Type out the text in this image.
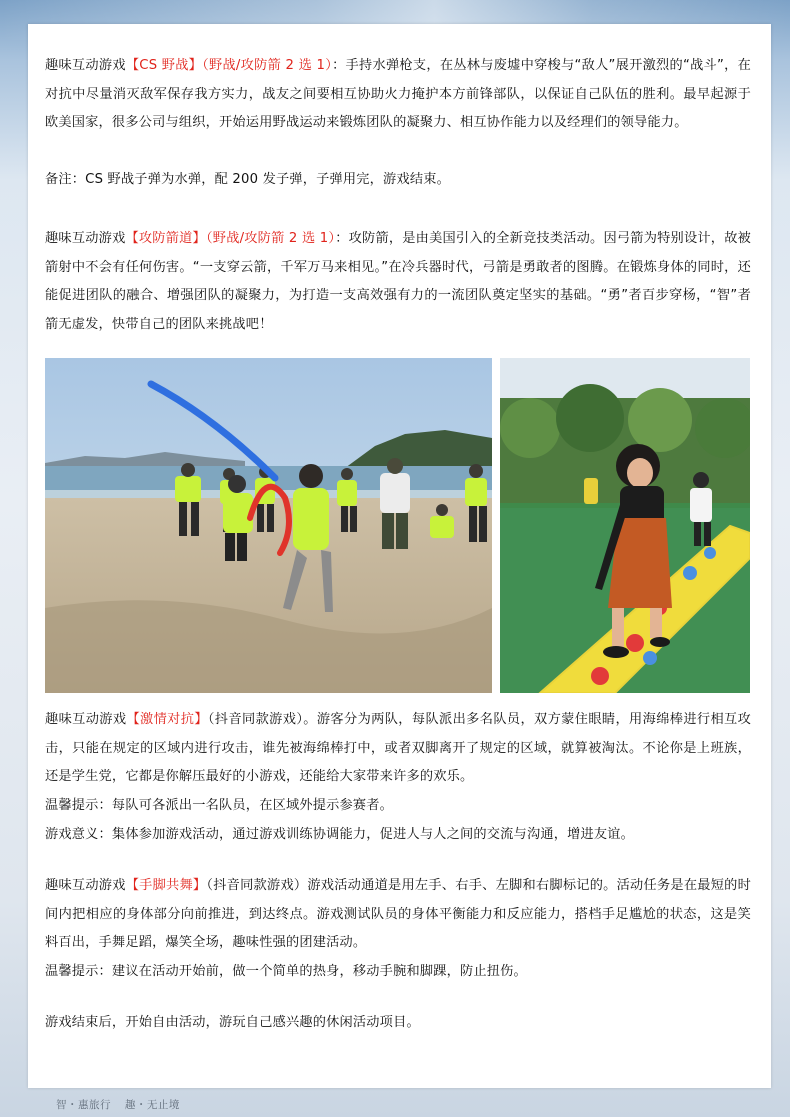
趣味互动游戏【CS 野战】（野战/攻防箭 2 选 1）：手持水弹枪支，在丛林与废墟中穿梭与“敌人”展开激烈的“战斗”，在对抗中尽量消灭敌军保存我方实力，战友之间要相互协助火力掩护本方前锋部队，以保证自己队伍的胜利。最早起源于欧美国家，很多公司与组织，开始运用野战运动来锻炼团队的凝聚力、相互协作能力以及经理们的领导能力。

备注：CS 野战子弹为水弹，配 200 发子弹，子弹用完，游戏结束。

趣味互动游戏【攻防箭道】（野战/攻防箭 2 选 1）：攻防箭，是由美国引入的全新竞技类活动。因弓箭为特别设计，故被箭射中不会有任何伤害。“一支穿云箭，千军万马来相见。”在冷兵器时代，弓箭是勇敢者的图腾。在锻炼身体的同时，还能促进团队的融合、增强团队的凝聚力，为打造一支高效强有力的一流团队奠定坚实的基础。“勇”者百步穿杨，“智”者箭无虚发，快带自己的团队来挑战吧！

趣味互动游戏【激情对抗】（抖音同款游戏）。游客分为两队，每队派出多名队员，双方蒙住眼睛，用海绵棒进行相互攻击，只能在规定的区域内进行攻击，谁先被海绵棒打中，或者双脚离开了规定的区域，就算被淘汰。不论你是上班族，还是学生党，它都是你解压最好的小游戏，还能给大家带来许多的欢乐。

温馨提示：每队可各派出一名队员，在区域外提示参赛者。

游戏意义：集体参加游戏活动，通过游戏训练协调能力，促进人与人之间的交流与沟通，增进友谊。

趣味互动游戏【手脚共舞】（抖音同款游戏）游戏活动通道是用左手、右手、左脚和右脚标记的。活动任务是在最短的时间内把相应的身体部分向前推进，到达终点。游戏测试队员的身体平衡能力和反应能力，搭档手足尴尬的状态，这是笑料百出，手舞足蹈，爆笑全场，趣味性强的团建活动。

温馨提示：建议在活动开始前，做一个简单的热身，移动手腕和脚踝，防止扭伤。

游戏结束后，开始自由活动，游玩自己感兴趣的休闲活动项目。

智・惠旅行 趣・无止境
